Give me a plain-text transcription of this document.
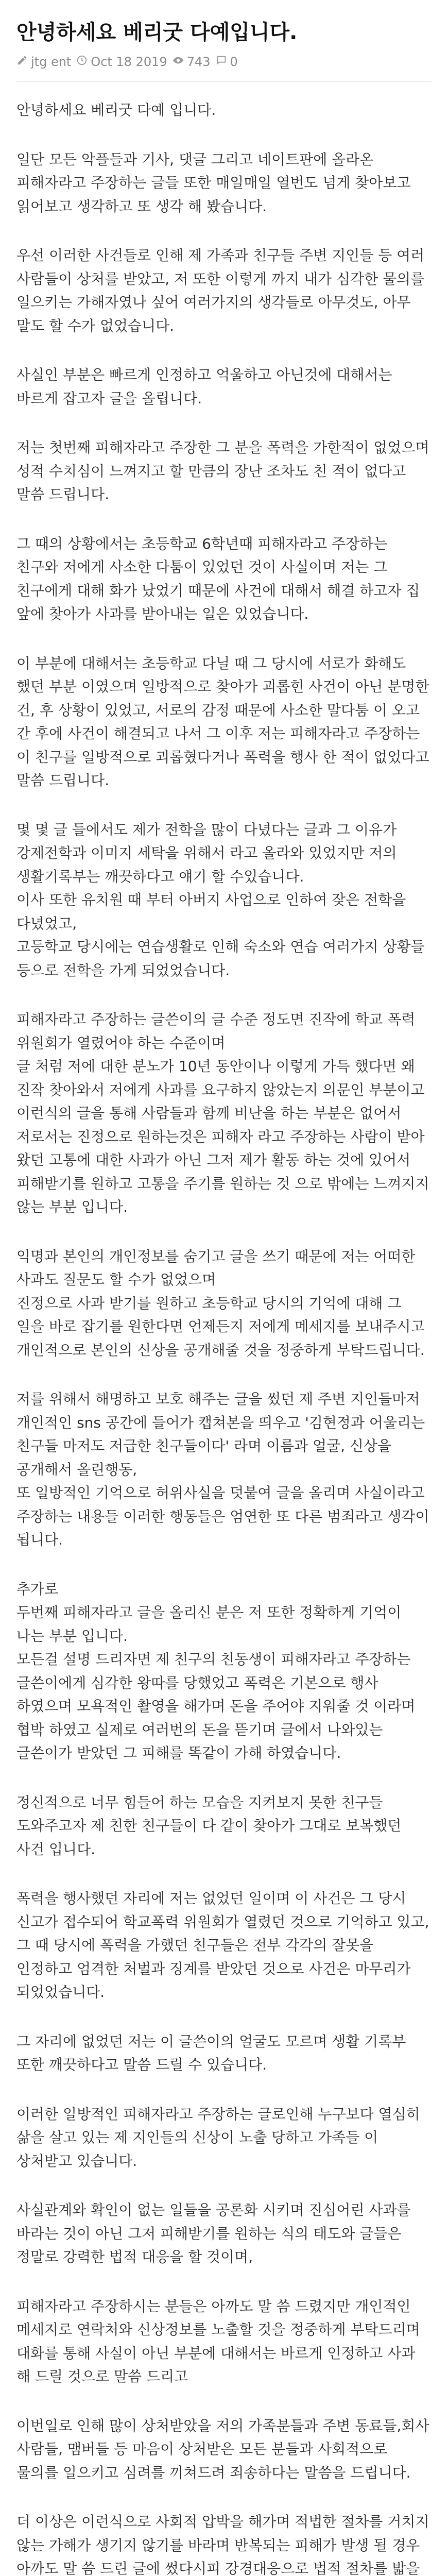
안녕하세요 베리굿 다예입니다.
jtg ent Oct 18 2019 743 0

안녕하세요 베리굿 다예 입니다.

일단 모든 악플들과 기사, 댓글 그리고 네이트판에 올라온 피해자라고 주장하는 글들 또한 매일매일 열번도 넘게 찾아보고 읽어보고 생각하고 또 생각 해 봤습니다.

우선 이러한 사건들로 인해 제 가족과 친구들 주변 지인들 등 여러 사람들이 상처를 받았고, 저 또한 이렇게 까지 내가 심각한 물의를 일으키는 가해자였나 싶어 여러가지의 생각들로 아무것도, 아무 말도 할 수가 없었습니다.

사실인 부분은 빠르게 인정하고 억울하고 아닌것에 대해서는 바르게 잡고자 글을 올립니다.

저는 첫번째 피해자라고 주장한 그 분을 폭력을 가한적이 없었으며 성적 수치심이 느껴지고 할 만큼의 장난 조차도 친 적이 없다고 말씀 드립니다.

그 때의 상황에서는 초등학교 6학년때 피해자라고 주장하는 친구와 저에게 사소한 다툼이 있었던 것이 사실이며 저는 그 친구에게 대해 화가 났었기 때문에 사건에 대해서 해결 하고자 집 앞에 찾아가 사과를 받아내는 일은 있었습니다.

이 부분에 대해서는 초등학교 다닐 때 그 당시에 서로가 화해도 했던 부분 이였으며 일방적으로 찾아가 괴롭힌 사건이 아닌 분명한 건, 후 상황이 있었고, 서로의 감정 때문에 사소한 말다툼 이 오고 간 후에 사건이 해결되고 나서 그 이후 저는 피해자라고 주장하는 이 친구를 일방적으로 괴롭혔다거나 폭력을 행사 한 적이 없었다고 말씀 드립니다.

몇 몇 글 들에서도 제가 전학을 많이 다녔다는 글과 그 이유가 강제전학과 이미지 세탁을 위해서 라고 올라와 있었지만 저의 생활기록부는 깨끗하다고 얘기 할 수있습니다.
이사 또한 유치원 때 부터 아버지 사업으로 인하여 잦은 전학을 다녔었고,
고등학교 당시에는 연습생활로 인해 숙소와 연습 여러가지 상황들 등으로 전학을 가게 되었었습니다.

피해자라고 주장하는 글쓴이의 글 수준 정도면 진작에 학교 폭력 위원회가 열렸어야 하는 수준이며
글 처럼 저에 대한 분노가 10년 동안이나 이렇게 가득 했다면 왜 진작 찾아와서 저에게 사과를 요구하지 않았는지 의문인 부분이고 이런식의 글을 통해 사람들과 함께 비난을 하는 부분은 없어서 저로서는 진정으로 원하는것은 피해자 라고 주장하는 사람이 받아 왔던 고통에 대한 사과가 아닌 그저 제가 활동 하는 것에 있어서 피해받기를 원하고 고통을 주기를 원하는 것 으로 밖에는 느껴지지 않는 부분 입니다.

익명과 본인의 개인정보를 숨기고 글을 쓰기 때문에 저는 어떠한 사과도 질문도 할 수가 없었으며
진정으로 사과 받기를 원하고 초등학교 당시의 기억에 대해 그 일을 바로 잡기를 원한다면 언제든지 저에게 메세지를 보내주시고 개인적으로 본인의 신상을 공개해줄 것을 정중하게 부탁드립니다.

저를 위해서 해명하고 보호 해주는 글을 썼던 제 주변 지인들마저 개인적인 sns 공간에 들어가 캡쳐본을 띄우고 '김현정과 어울리는 친구들 마저도 저급한 친구들이다' 라며 이름과 얼굴, 신상을 공개해서 올린행동,
또 일방적인 기억으로 허위사실을 덧붙여 글을 올리며 사실이라고 주장하는 내용들 이러한 행동들은 엄연한 또 다른 범죄라고 생각이 됩니다.

추가로
두번째 피해자라고 글을 올리신 분은 저 또한 정확하게 기억이 나는 부분 입니다.
모든걸 설명 드리자면 제 친구의 친동생이 피해자라고 주장하는 글쓴이에게 심각한 왕따를 당했었고 폭력은 기본으로 행사 하였으며 모욕적인 촬영을 해가며 돈을 주어야 지워줄 것 이라며 협박 하였고 실제로 여러번의 돈을 뜯기며 글에서 나와있는 글쓴이가 받았던 그 피해를 똑같이 가해 하였습니다.

정신적으로 너무 힘들어 하는 모습을 지켜보지 못한 친구들 도와주고자 제 친한 친구들이 다 같이 찾아가 그대로 보복했던 사건 입니다.

폭력을 행사했던 자리에 저는 없었던 일이며 이 사건은 그 당시 신고가 접수되어 학교폭력 위원회가 열렸던 것으로 기억하고 있고, 그 때 당시에 폭력을 가했던 친구들은 전부 각각의 잘못을 인정하고 엄격한 처벌과 징계를 받았던 것으로 사건은 마무리가 되었었습니다.

그 자리에 없었던 저는 이 글쓴이의 얼굴도 모르며 생활 기록부 또한 깨끗하다고 말씀 드릴 수 있습니다.

이러한 일방적인 피해자라고 주장하는 글로인해 누구보다 열심히 삶을 살고 있는 제 지인들의 신상이 노출 당하고 가족들 이 상처받고 있습니다.

사실관계와 확인이 없는 일들을 공론화 시키며 진심어린 사과를 바라는 것이 아닌 그저 피해받기를 원하는 식의 태도와 글들은 정말로 강력한 법적 대응을 할 것이며,

피해자라고 주장하시는 분들은 아까도 말 씀 드렸지만 개인적인 메세지로 연락처와 신상정보를 노출할 것을 정중하게 부탁드리며 대화를 통해 사실이 아닌 부분에 대해서는 바르게 인정하고 사과 해 드릴 것으로 말씀 드리고

이번일로 인해 많이 상처받았을 저의 가족분들과 주변 동료들,회사 사람들, 맴버들 등 마음이 상처받은 모든 분들과 사회적으로 물의를 일으키고 심려를 끼쳐드려 죄송하다는 말씀을 드립니다.

더 이상은 이런식으로 사회적 압박을 해가며 적법한 절차를 거치지 않는 가해가 생기지 않기를 바라며 반복되는 피해가 발생 될 경우 아까도 말 씀 드린 글에 썼다시피 강경대응으로 법적 절차를 밟을
